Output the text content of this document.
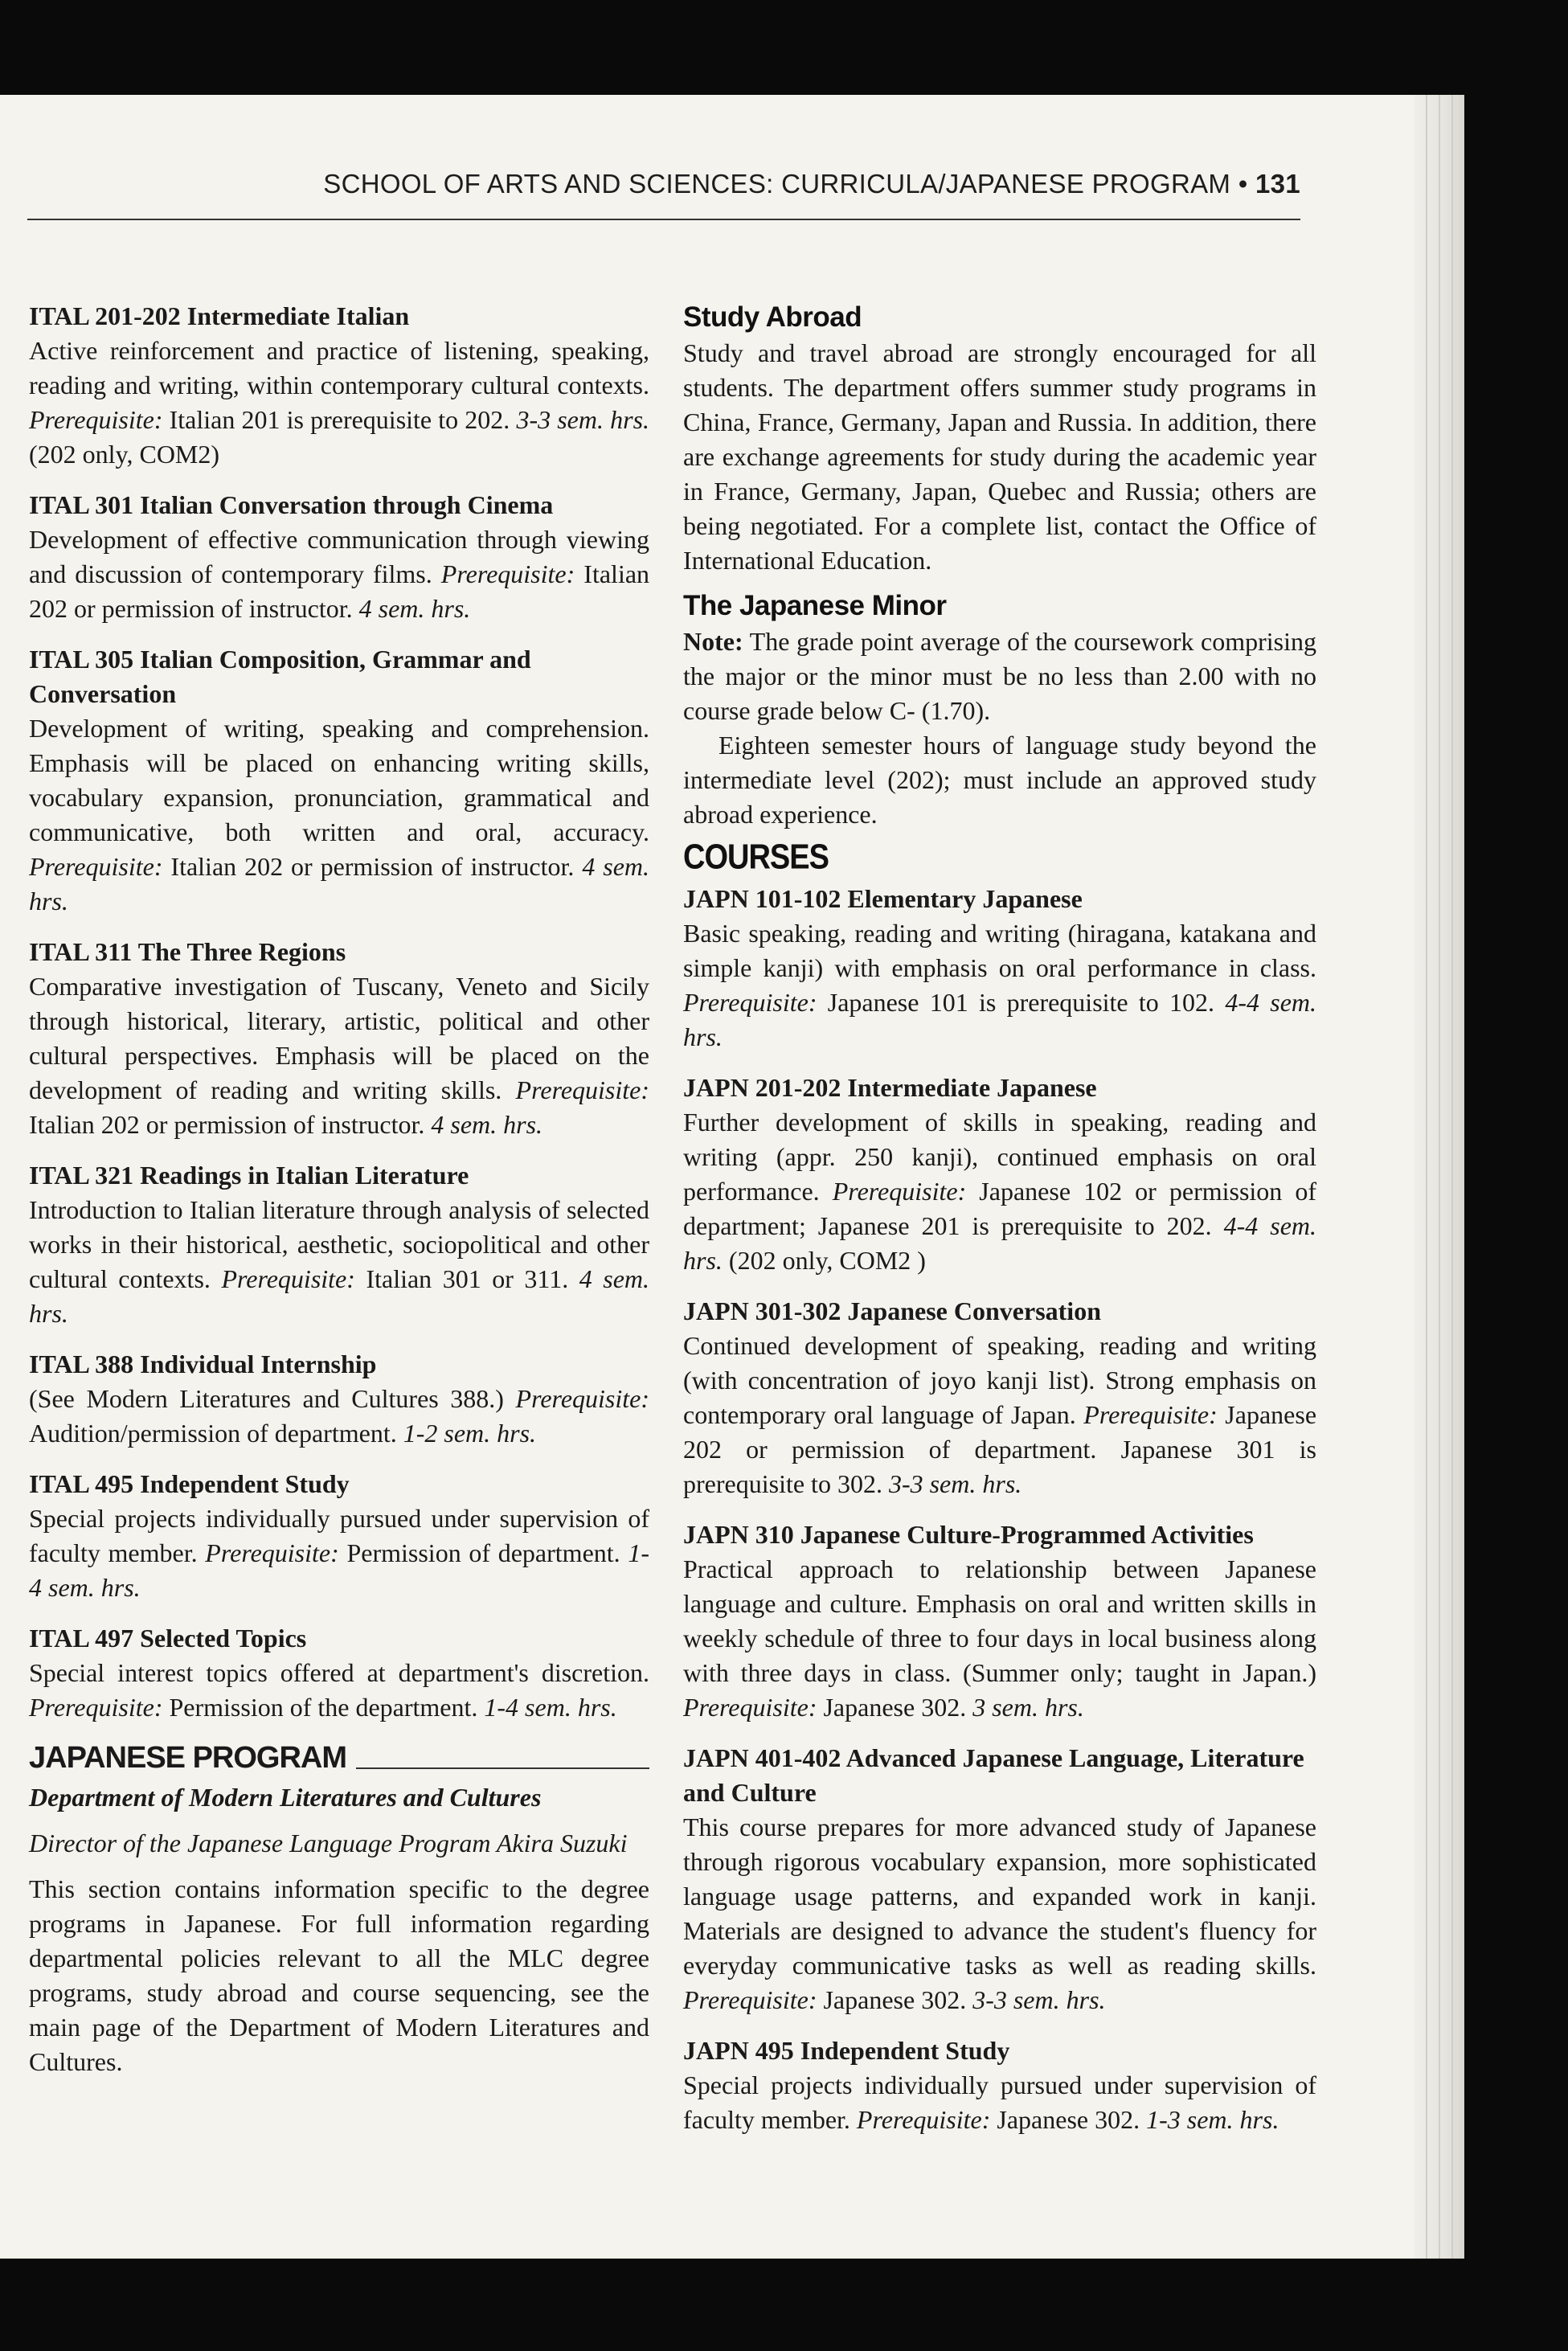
SCHOOL OF ARTS AND SCIENCES: CURRICULA/JAPANESE PROGRAM • 131
ITAL 201-202 Intermediate Italian
Active reinforcement and practice of listening, speaking, reading and writing, within contemporary cultural contexts. Prerequisite: Italian 201 is prerequisite to 202. 3-3 sem. hrs. (202 only, COM2)
ITAL 301 Italian Conversation through Cinema
Development of effective communication through viewing and discussion of contemporary films. Prerequisite: Italian 202 or permission of instructor. 4 sem. hrs.
ITAL 305 Italian Composition, Grammar and Conversation
Development of writing, speaking and comprehension. Emphasis will be placed on enhancing writing skills, vocabulary expansion, pronunciation, grammatical and communicative, both written and oral, accuracy. Prerequisite: Italian 202 or permission of instructor. 4 sem. hrs.
ITAL 311 The Three Regions
Comparative investigation of Tuscany, Veneto and Sicily through historical, literary, artistic, political and other cultural perspectives. Emphasis will be placed on the development of reading and writing skills. Prerequisite: Italian 202 or permission of instructor. 4 sem. hrs.
ITAL 321 Readings in Italian Literature
Introduction to Italian literature through analysis of selected works in their historical, aesthetic, sociopolitical and other cultural contexts. Prerequisite: Italian 301 or 311. 4 sem. hrs.
ITAL 388 Individual Internship
(See Modern Literatures and Cultures 388.) Prerequisite: Audition/permission of department. 1-2 sem. hrs.
ITAL 495 Independent Study
Special projects individually pursued under supervision of faculty member. Prerequisite: Permission of department. 1-4 sem. hrs.
ITAL 497 Selected Topics
Special interest topics offered at department's discretion. Prerequisite: Permission of the department. 1-4 sem. hrs.
JAPANESE PROGRAM
Department of Modern Literatures and Cultures
Director of the Japanese Language Program Akira Suzuki
This section contains information specific to the degree programs in Japanese. For full information regarding departmental policies relevant to all the MLC degree programs, study abroad and course sequencing, see the main page of the Department of Modern Literatures and Cultures.
Study Abroad
Study and travel abroad are strongly encouraged for all students. The department offers summer study programs in China, France, Germany, Japan and Russia. In addition, there are exchange agreements for study during the academic year in France, Germany, Japan, Quebec and Russia; others are being negotiated. For a complete list, contact the Office of International Education.
The Japanese Minor
Note: The grade point average of the coursework comprising the major or the minor must be no less than 2.00 with no course grade below C- (1.70).
Eighteen semester hours of language study beyond the intermediate level (202); must include an approved study abroad experience.
COURSES
JAPN 101-102 Elementary Japanese
Basic speaking, reading and writing (hiragana, katakana and simple kanji) with emphasis on oral performance in class. Prerequisite: Japanese 101 is prerequisite to 102. 4-4 sem. hrs.
JAPN 201-202 Intermediate Japanese
Further development of skills in speaking, reading and writing (appr. 250 kanji), continued emphasis on oral performance. Prerequisite: Japanese 102 or permission of department; Japanese 201 is prerequisite to 202. 4-4 sem. hrs. (202 only, COM2 )
JAPN 301-302 Japanese Conversation
Continued development of speaking, reading and writing (with concentration of joyo kanji list). Strong emphasis on contemporary oral language of Japan. Prerequisite: Japanese 202 or permission of department. Japanese 301 is prerequisite to 302. 3-3 sem. hrs.
JAPN 310 Japanese Culture-Programmed Activities
Practical approach to relationship between Japanese language and culture. Emphasis on oral and written skills in weekly schedule of three to four days in local business along with three days in class. (Summer only; taught in Japan.) Prerequisite: Japanese 302. 3 sem. hrs.
JAPN 401-402 Advanced Japanese Language, Literature and Culture
This course prepares for more advanced study of Japanese through rigorous vocabulary expansion, more sophisticated language usage patterns, and expanded work in kanji. Materials are designed to advance the student's fluency for everyday communicative tasks as well as reading skills. Prerequisite: Japanese 302. 3-3 sem. hrs.
JAPN 495 Independent Study
Special projects individually pursued under supervision of faculty member. Prerequisite: Japanese 302. 1-3 sem. hrs.
